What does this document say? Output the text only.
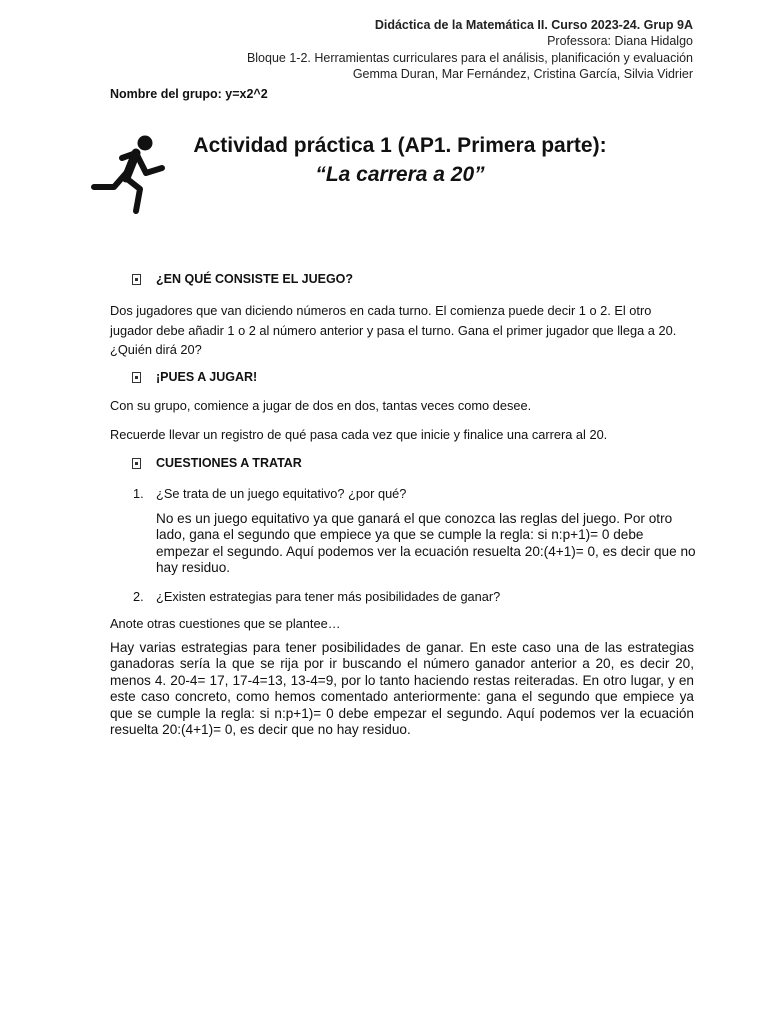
Didáctica de la Matemática II. Curso 2023-24. Grup 9A
Professora: Diana Hidalgo
Bloque 1-2. Herramientas curriculares para el análisis, planificación y evaluación
Gemma Duran, Mar Fernández, Cristina García, Silvia Vidrier
Nombre del grupo: y=x2^2
Actividad práctica 1 (AP1. Primera parte):
“La carrera a 20”
¿EN QUÉ CONSISTE EL JUEGO?
Dos jugadores que van diciendo números en cada turno. El comienza puede decir 1 o 2. El otro jugador debe añadir 1 o 2 al número anterior y pasa el turno. Gana el primer jugador que llega a 20. ¿Quién dirá 20?
¡PUES A JUGAR!
Con su grupo, comience a jugar de dos en dos, tantas veces como desee.
Recuerde llevar un registro de qué pasa cada vez que inicie y finalice una carrera al 20.
CUESTIONES A TRATAR
1. ¿Se trata de un juego equitativo? ¿por qué?
No es un juego equitativo ya que ganará el que conozca las reglas del juego. Por otro lado, gana el segundo que empiece ya que se cumple la regla: si n:p+1)= 0 debe empezar el segundo. Aquí podemos ver la ecuación resuelta 20:(4+1)= 0, es decir que no hay residuo.
2. ¿Existen estrategias para tener más posibilidades de ganar?
Anote otras cuestiones que se plantee…
Hay varias estrategias para tener posibilidades de ganar. En este caso una de las estrategias ganadoras sería la que se rija por ir buscando el número ganador anterior a 20, es decir 20, menos 4. 20-4= 17, 17-4=13, 13-4=9, por lo tanto haciendo restas reiteradas. En otro lugar, y en este caso concreto, como hemos comentado anteriormente: gana el segundo que empiece ya que se cumple la regla: si n:p+1)= 0 debe empezar el segundo. Aquí podemos ver la ecuación resuelta 20:(4+1)= 0, es decir que no hay residuo.
